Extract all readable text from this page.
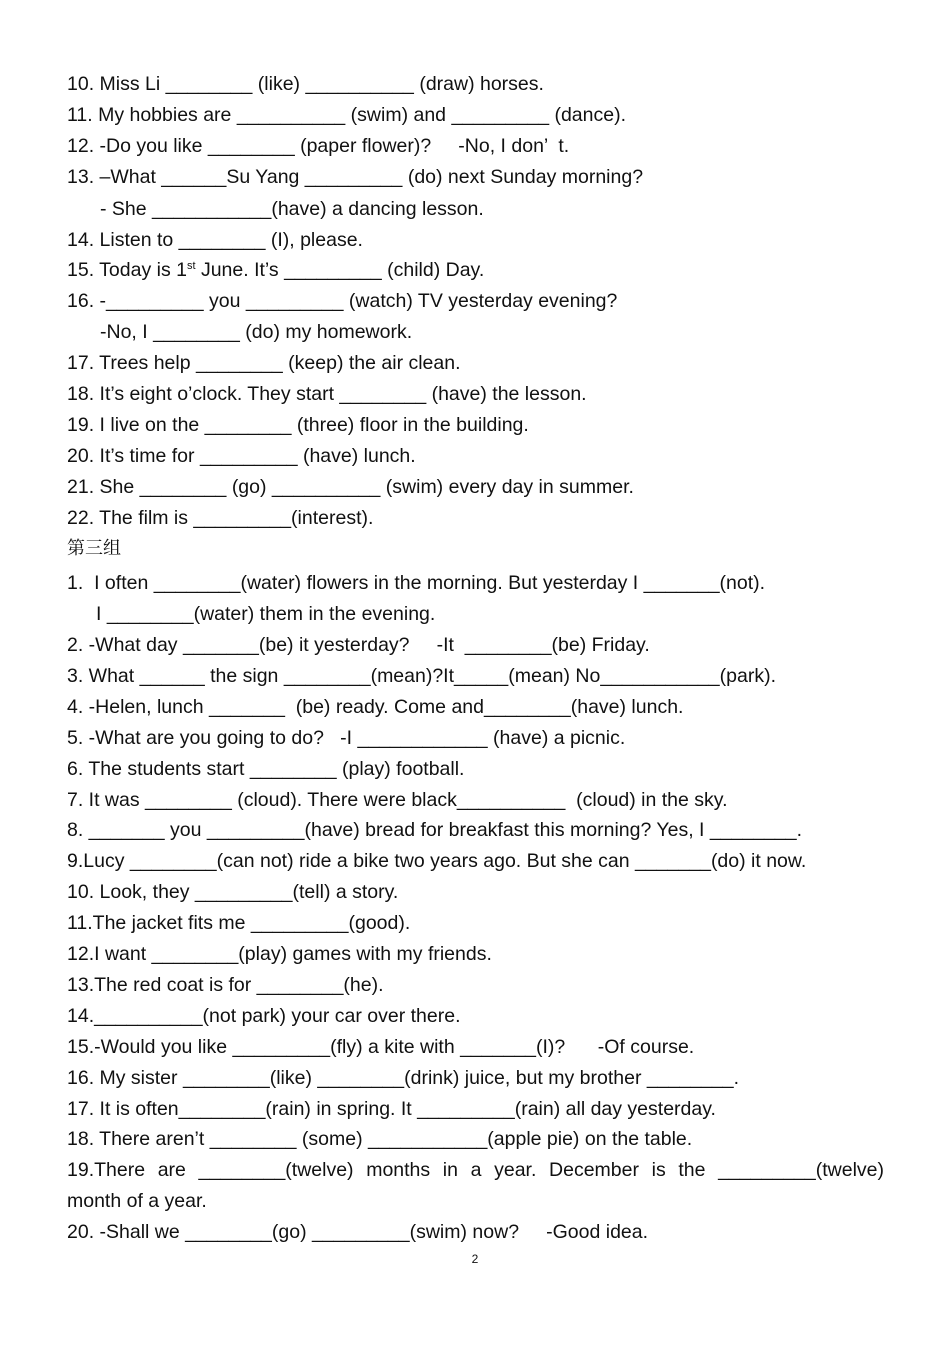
10. Miss Li ________ (like) __________ (draw) horses.
11. My hobbies are __________ (swim) and _________ (dance).
12. -Do you like ________ (paper flower)?     -No, I don’  t.
13. –What ______Su Yang _________ (do) next Sunday morning?
- She ___________(have) a dancing lesson.
14. Listen to ________ (I), please.
15. Today is 1st June. It’s _________ (child) Day.
16. -_________ you _________ (watch) TV yesterday evening?
-No, I ________ (do) my homework.
17. Trees help ________ (keep) the air clean.
18. It’s eight o’clock. They start ________ (have) the lesson.
19. I live on the ________ (three) floor in the building.
20. It’s time for _________ (have) lunch.
21. She ________ (go) __________ (swim) every day in summer.
22. The film is _________(interest).
第三组
1.  I often ________(water) flowers in the morning. But yesterday I _______(not).
I ________(water) them in the evening.
2. -What day _______(be) it yesterday?     -It  ________(be) Friday.
3. What ______ the sign ________(mean)?It_____(mean) No___________(park).
4. -Helen, lunch _______  (be) ready. Come and________(have) lunch.
5. -What are you going to do?   -I ____________ (have) a picnic.
6. The students start ________ (play) football.
7. It was ________ (cloud). There were black__________  (cloud) in the sky.
8. _______ you _________(have) bread for breakfast this morning? Yes, I ________.
9.Lucy ________(can not) ride a bike two years ago. But she can _______(do) it now.
10. Look, they _________(tell) a story.
11.The jacket fits me _________(good).
12.I want ________(play) games with my friends.
13.The red coat is for ________(he).
14.__________(not park) your car over there.
15.-Would you like _________(fly) a kite with _______(I)?      -Of course.
16. My sister ________(like) ________(drink) juice, but my brother ________.
17. It is often________(rain) in spring. It _________(rain) all day yesterday.
18. There aren’t ________ (some) ___________(apple pie) on the table.
19.There are ________(twelve) months in a year. December is the _________(twelve)
month of a year.
20. -Shall we ________(go) _________(swim) now?     -Good idea.
2
